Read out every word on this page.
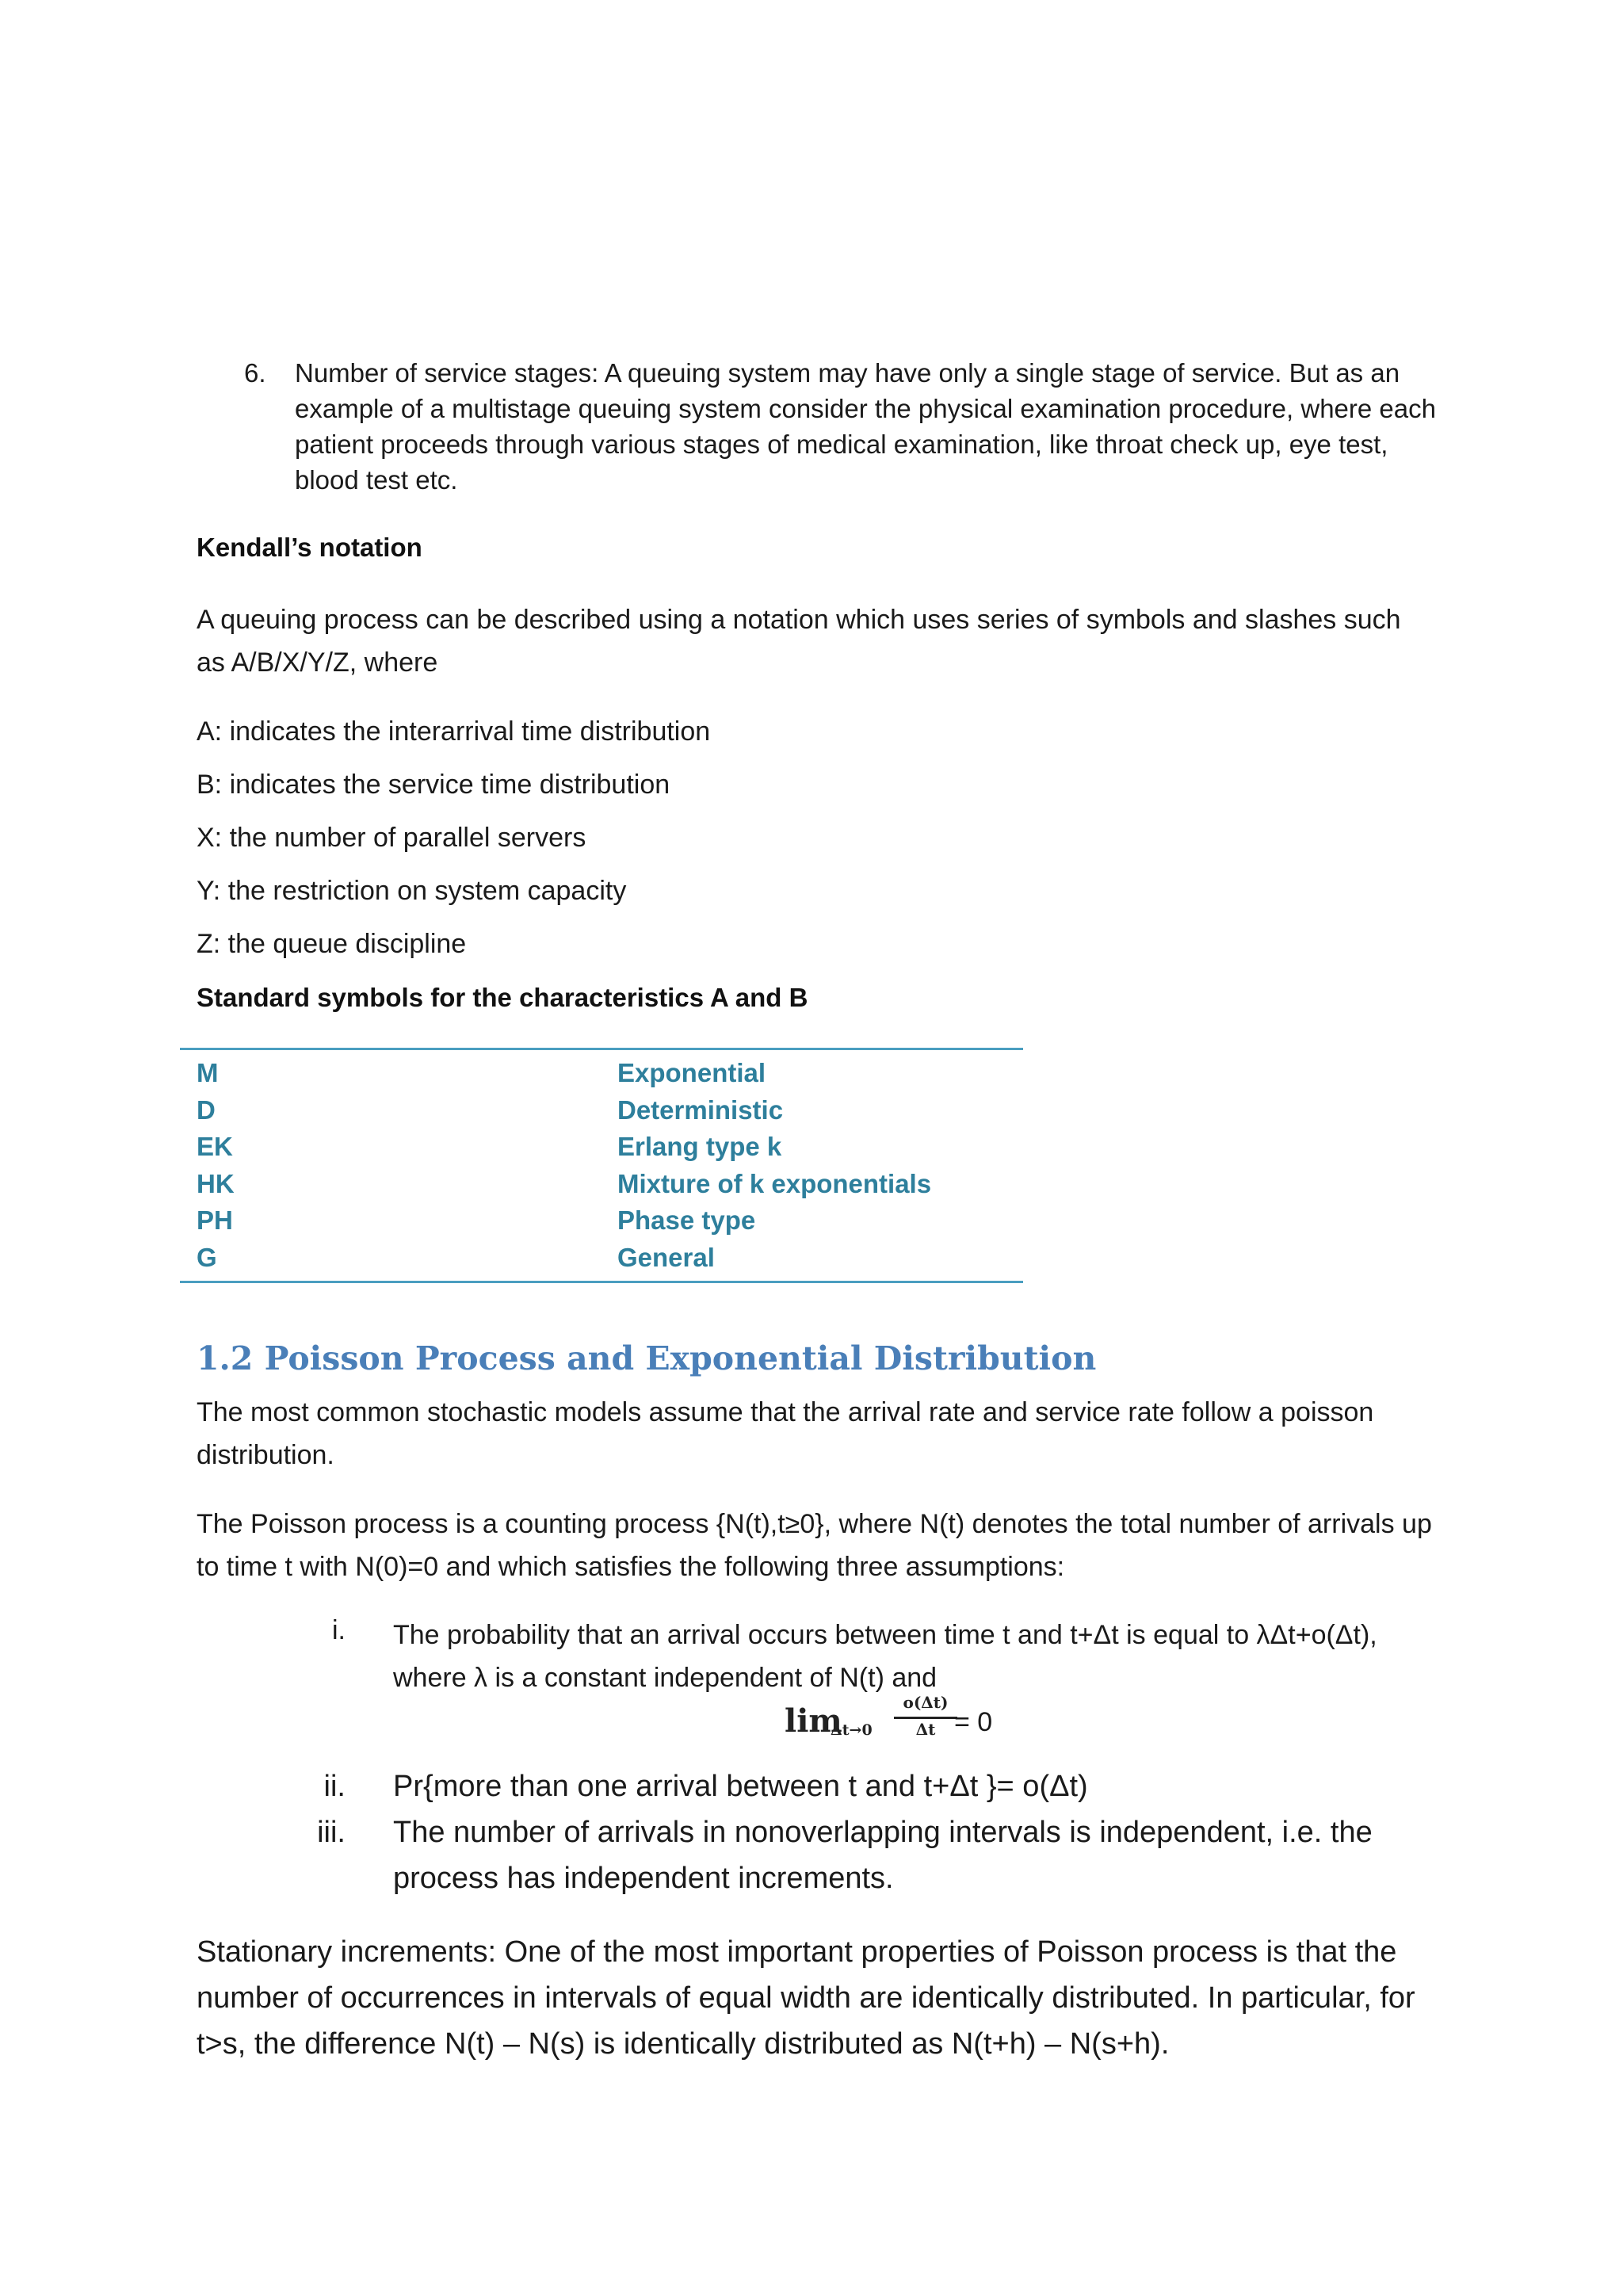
6. Number of service stages: A queuing system may have only a single stage of service. But as an example of a multistage queuing system consider the physical examination procedure, where each patient proceeds through various stages of medical examination, like throat check up, eye test, blood test etc.
Kendall’s notation
A queuing process can be described using a notation which uses series of symbols and slashes such as A/B/X/Y/Z, where
A: indicates the interarrival time distribution
B: indicates the service time distribution
X: the number of parallel servers
Y: the restriction on system capacity
Z: the queue discipline
Standard symbols for the characteristics A and B
M	Exponential
D	Deterministic
EK	Erlang type k
HK	Mixture of k exponentials
PH	Phase type
G	General
1.2 Poisson Process and Exponential Distribution
The most common stochastic models assume that the arrival rate and service rate follow a poisson distribution.
The Poisson process is a counting process {N(t),t≥0}, where N(t) denotes the total number of arrivals up to time t with N(0)=0 and which satisfies the following three assumptions:
i. The probability that an arrival occurs between time t and t+Δt is equal to λΔt+o(Δt), where λ is a constant independent of N(t) and
lim
Δt→0
o(Δt)
Δt = 0
ii. Pr{more than one arrival between t and t+Δt }= o(Δt)
iii. The number of arrivals in nonoverlapping intervals is independent, i.e. the process has independent increments.
Stationary increments: One of the most important properties of Poisson process is that the number of occurrences in intervals of equal width are identically distributed. In particular, for t>s, the difference N(t) – N(s) is identically distributed as N(t+h) – N(s+h).
